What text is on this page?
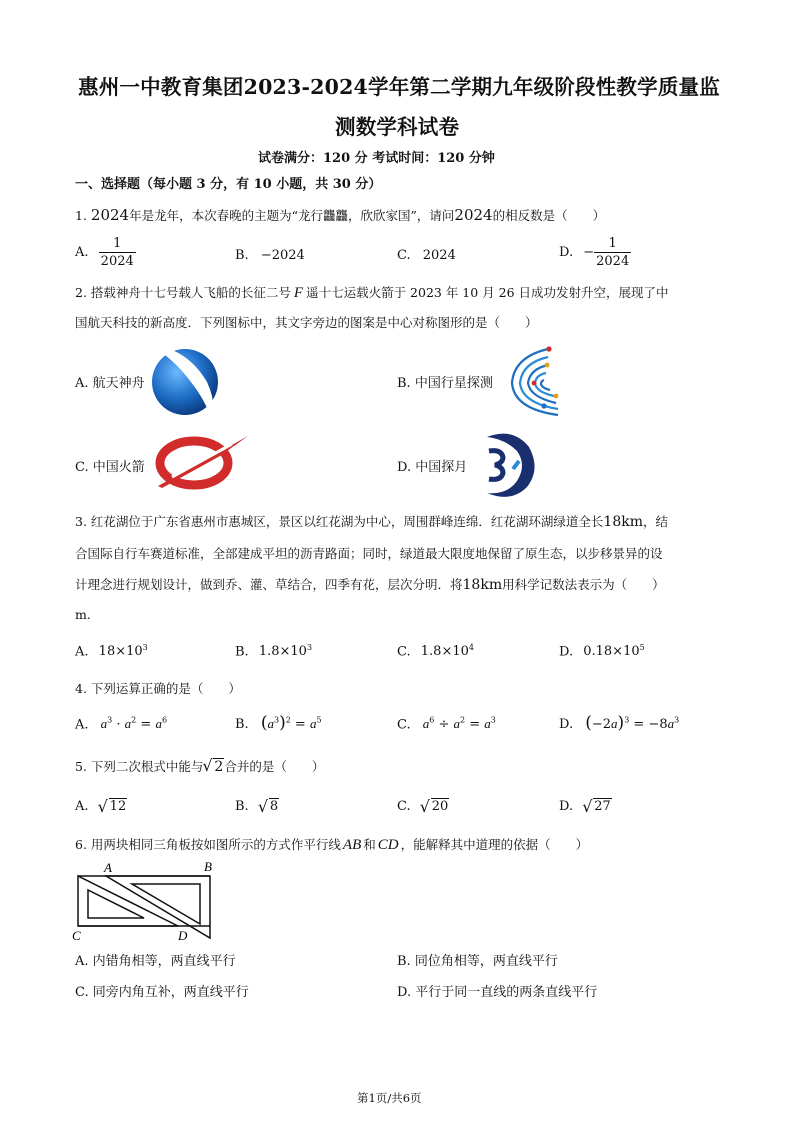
惠州一中教育集团2023-2024学年第二学期九年级阶段性教学质量监
测数学科试卷
试卷满分：120 分 考试时间：120 分钟
一、选择题（每小题 3 分，有 10 小题，共 30 分）
1. 2024年是龙年，本次春晚的主题为“龙行龘龘，欣欣家国”，请问2024的相反数是（　　）
A. $\frac{1}{2024}$	B. −2024	C. 2024	D. − $\frac{1}{2024}$
2. 搭载神舟十七号载人飞船的长征二号 F 遥十七运载火箭于 2023 年 10 月 26 日成功发射升空，展现了中
国航天科技的新高度．下列图标中，其文字旁边的图案是中心对称图形的是（　　）
A. 航天神舟	B. 中国行星探测
C. 中国火箭	D. 中国探月
3. 红花湖位于广东省惠州市惠城区，景区以红花湖为中心，周围群峰连绵．红花湖环湖绿道全长18km，结
合国际自行车赛道标准，全部建成平坦的沥青路面；同时，绿道最大限度地保留了原生态，以步移景异的设
计理念进行规划设计，做到乔、灌、草结合，四季有花，层次分明．将18km用科学记数法表示为（　　）
m.
A. $18\times 10^3$	B. $1.8\times 10^3$	C. $1.8\times 10^4$	D. $0.18\times 10^5$
4. 下列运算正确的是（　　）
A. $a^3 \cdot a^2 = a^6$	B. $(a^3)^2 = a^5$	C. $a^6 \div a^2 = a^3$	D. $(-2a)^3 = -8a^3$
5. 下列二次根式中能与 √ 2合并的是（　　）
A. √ 12	B. √ 8	C. √ 20	D. √ 27
6. 用两块相同三角板按如图所示的方式作平行线 AB 和 CD ，能解释其中道理的依据（　　）
A	B
C	D
A. 内错角相等，两直线平行	B. 同位角相等，两直线平行
C. 同旁内角互补，两直线平行	D. 平行于同一直线的两条直线平行
第1页/共6页
